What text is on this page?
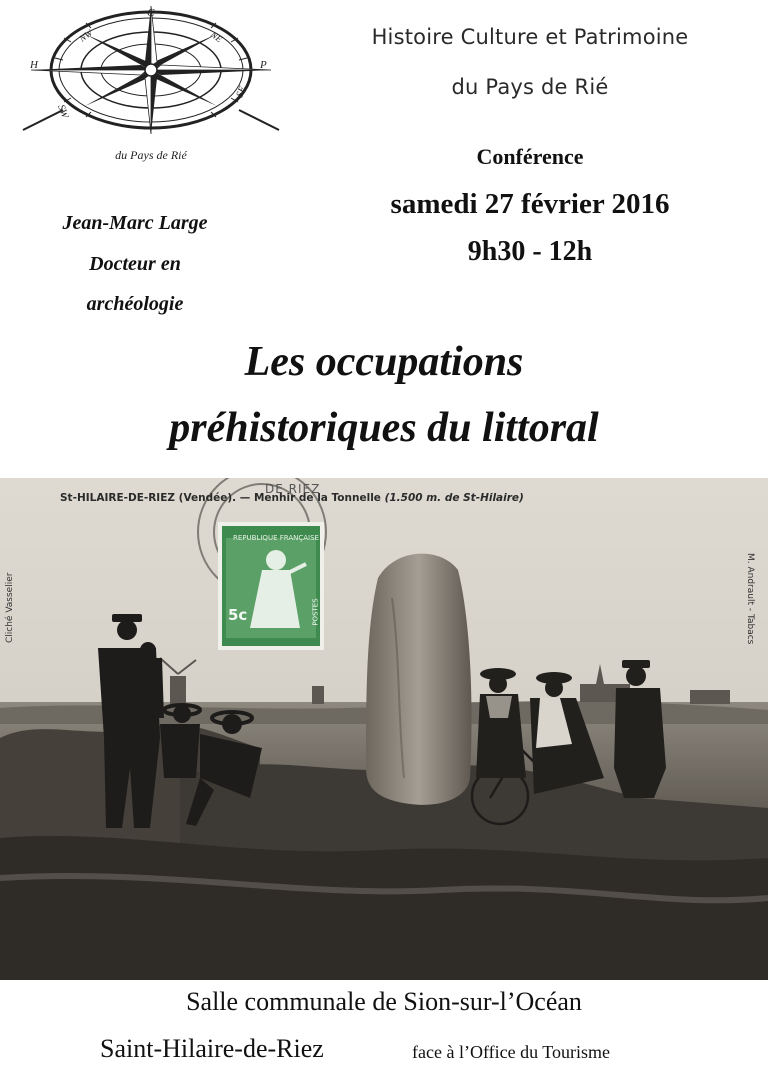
C
H	P
NW	NE
SW
SE
du Pays de Rié
Histoire Culture et Patrimoine
du Pays de Rié
Conférence
samedi 27 février 2016
9h30 - 12h
Jean-Marc Large
Docteur en
archéologie
Les occupations
préhistoriques du littoral
DE RIEZ
St-HILAIRE-DE-RIEZ (Vendée). — Menhir de la Tonnelle (1.500 m. de St-Hilaire)
REPUBLIQUE FRANÇAISE
5c	POSTES
Cliché Vasselier	M. Andrault - Tabacs
Salle communale de Sion-sur-l’Océan
Saint-Hilaire-de-Riez	face à l’Office du Tourisme
